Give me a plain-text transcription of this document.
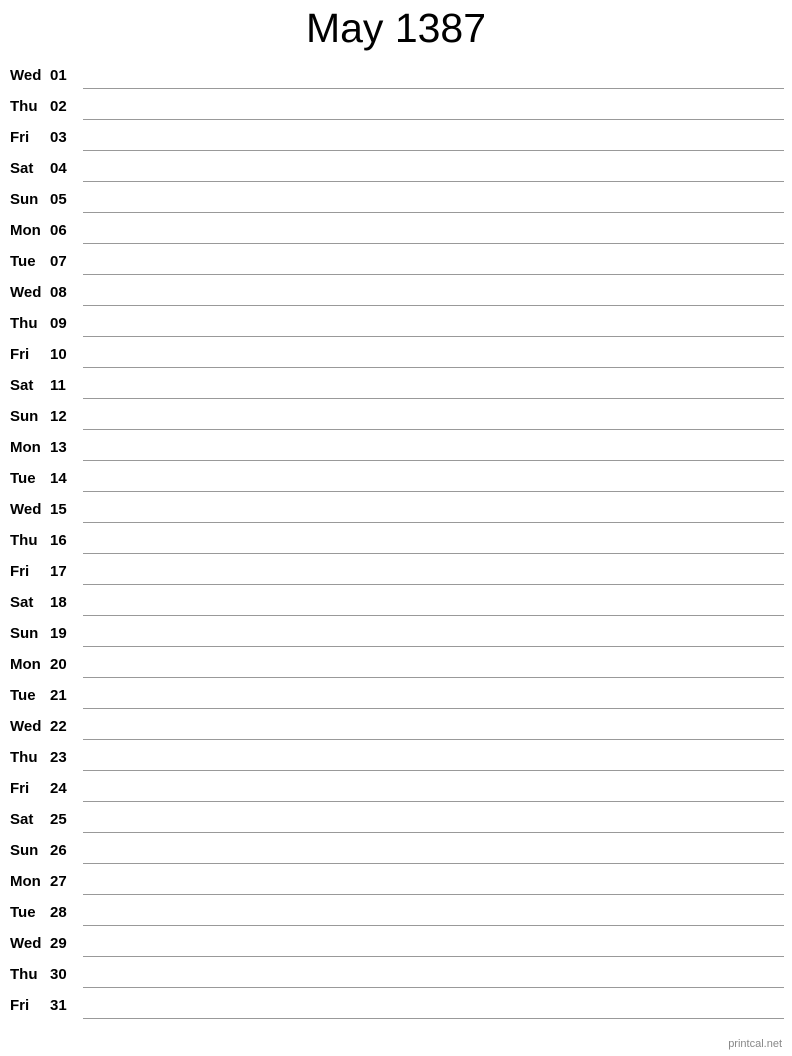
May 1387
Wed 01
Thu 02
Fri 03
Sat 04
Sun 05
Mon 06
Tue 07
Wed 08
Thu 09
Fri 10
Sat 11
Sun 12
Mon 13
Tue 14
Wed 15
Thu 16
Fri 17
Sat 18
Sun 19
Mon 20
Tue 21
Wed 22
Thu 23
Fri 24
Sat 25
Sun 26
Mon 27
Tue 28
Wed 29
Thu 30
Fri 31
printcal.net
